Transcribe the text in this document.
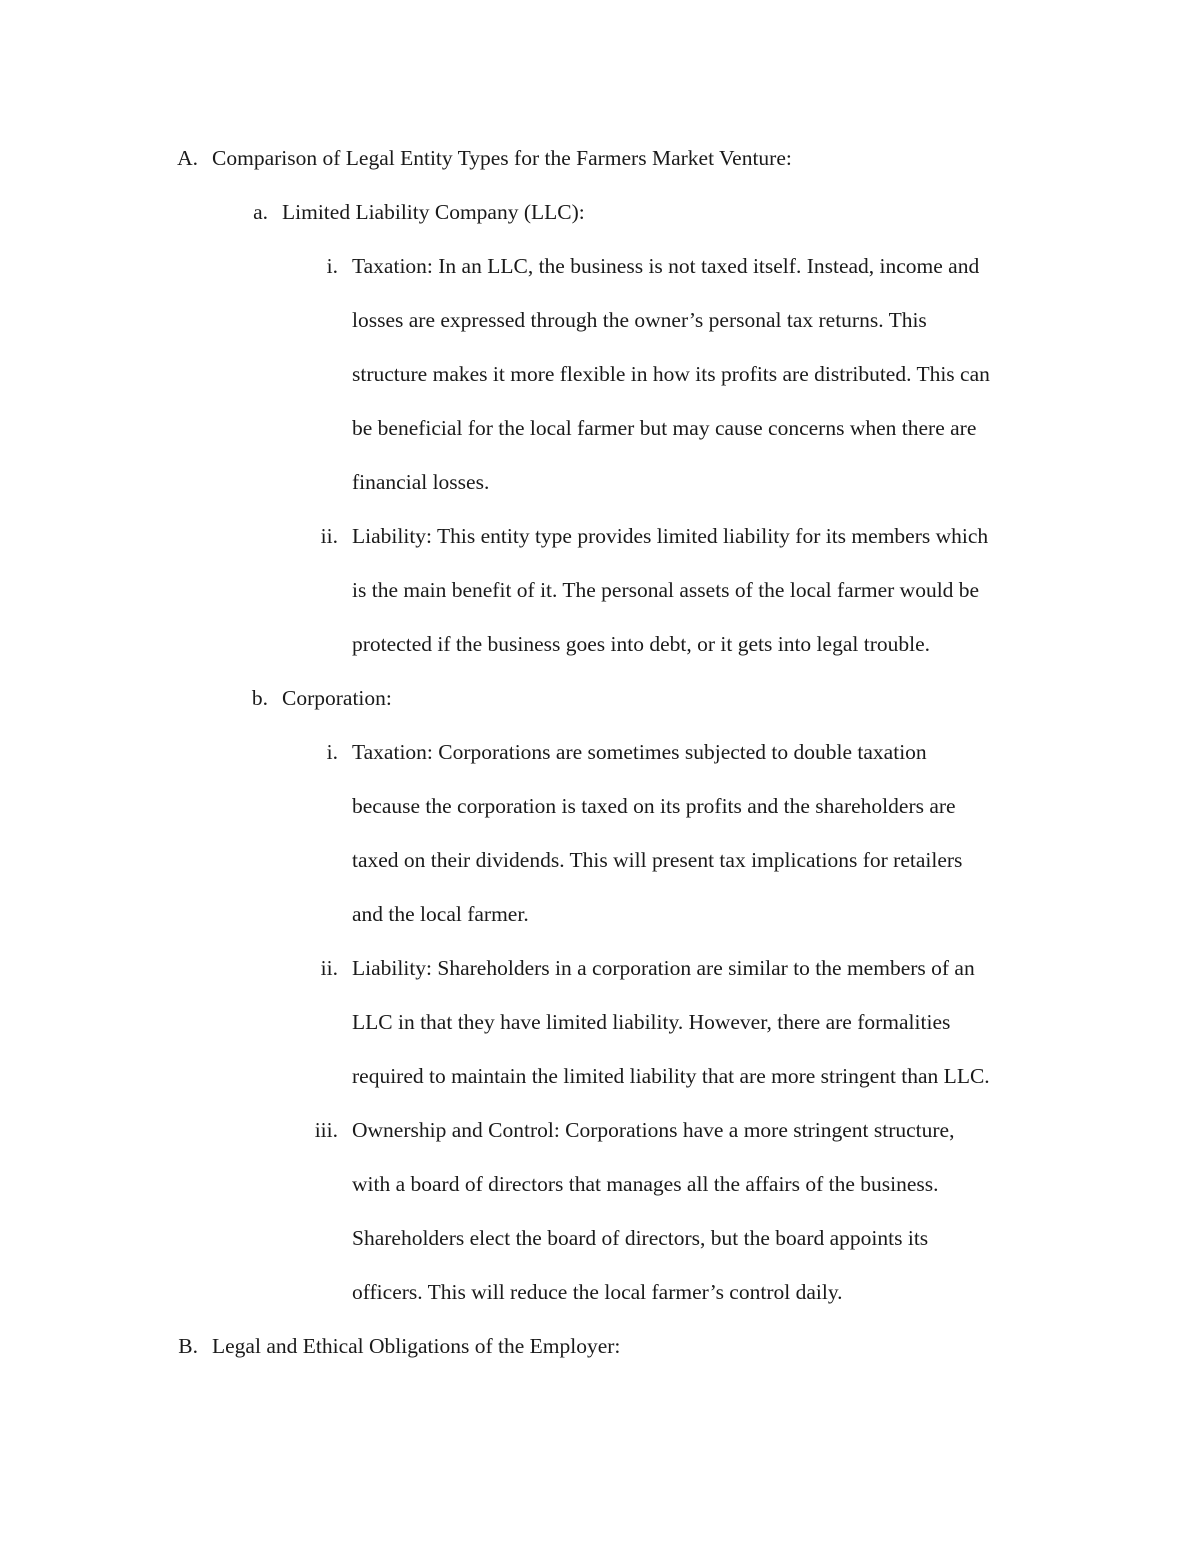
A. Comparison of Legal Entity Types for the Farmers Market Venture:
a. Limited Liability Company (LLC):
i. Taxation: In an LLC, the business is not taxed itself. Instead, income and
losses are expressed through the owner’s personal tax returns. This
structure makes it more flexible in how its profits are distributed. This can
be beneficial for the local farmer but may cause concerns when there are
financial losses.
ii. Liability: This entity type provides limited liability for its members which
is the main benefit of it. The personal assets of the local farmer would be
protected if the business goes into debt, or it gets into legal trouble.
b. Corporation:
i. Taxation: Corporations are sometimes subjected to double taxation
because the corporation is taxed on its profits and the shareholders are
taxed on their dividends. This will present tax implications for retailers
and the local farmer.
ii. Liability: Shareholders in a corporation are similar to the members of an
LLC in that they have limited liability. However, there are formalities
required to maintain the limited liability that are more stringent than LLC.
iii. Ownership and Control: Corporations have a more stringent structure,
with a board of directors that manages all the affairs of the business.
Shareholders elect the board of directors, but the board appoints its
officers. This will reduce the local farmer’s control daily.
B. Legal and Ethical Obligations of the Employer:
